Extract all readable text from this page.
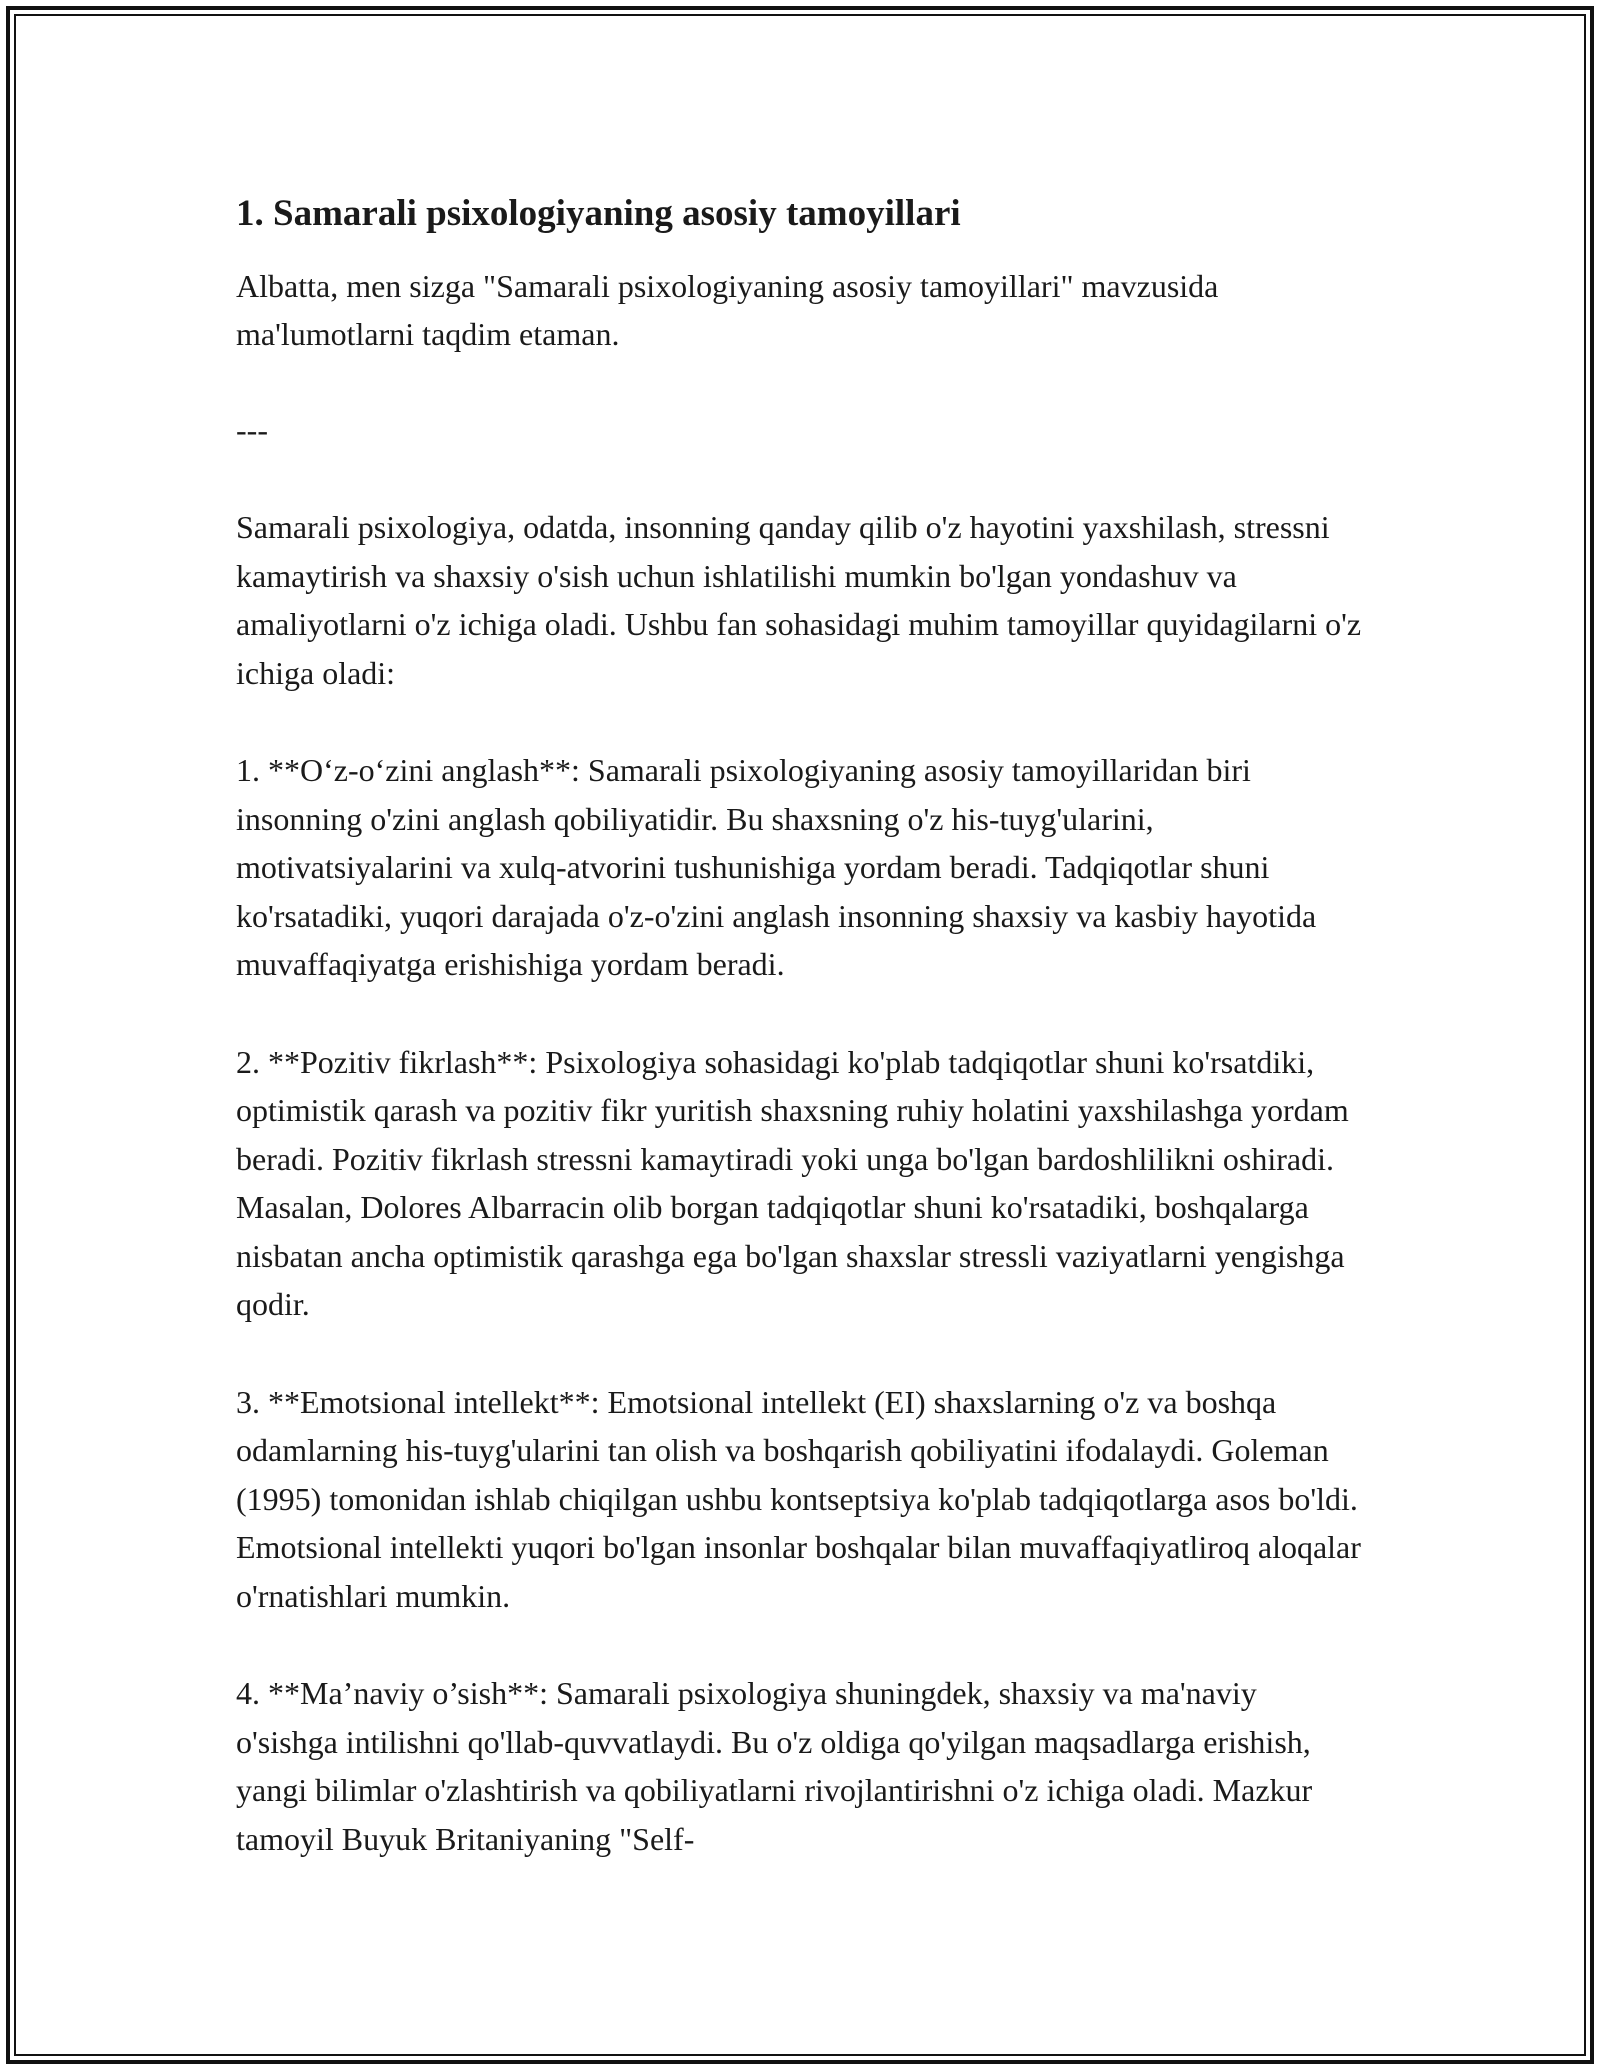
1. Samarali psixologiyaning asosiy tamoyillari

Albatta, men sizga "Samarali psixologiyaning asosiy tamoyillari" mavzusida ma'lumotlarni taqdim etaman.

---

Samarali psixologiya, odatda, insonning qanday qilib o'z hayotini yaxshilash, stressni kamaytirish va shaxsiy o'sish uchun ishlatilishi mumkin bo'lgan yondashuv va amaliyotlarni o'z ichiga oladi. Ushbu fan sohasidagi muhim tamoyillar quyidagilarni o'z ichiga oladi:

1. **O‘z-o‘zini anglash**: Samarali psixologiyaning asosiy tamoyillaridan biri insonning o'zini anglash qobiliyatidir. Bu shaxsning o'z his-tuyg'ularini, motivatsiyalarini va xulq-atvorini tushunishiga yordam beradi. Tadqiqotlar shuni ko'rsatadiki, yuqori darajada o'z-o'zini anglash insonning shaxsiy va kasbiy hayotida muvaffaqiyatga erishishiga yordam beradi.

2. **Pozitiv fikrlash**: Psixologiya sohasidagi ko'plab tadqiqotlar shuni ko'rsatdiki, optimistik qarash va pozitiv fikr yuritish shaxsning ruhiy holatini yaxshilashga yordam beradi. Pozitiv fikrlash stressni kamaytiradi yoki unga bo'lgan bardoshlilikni oshiradi. Masalan, Dolores Albarracin olib borgan tadqiqotlar shuni ko'rsatadiki, boshqalarga nisbatan ancha optimistik qarashga ega bo'lgan shaxslar stressli vaziyatlarni yengishga qodir.

3. **Emotsional intellekt**: Emotsional intellekt (EI) shaxslarning o'z va boshqa odamlarning his-tuyg'ularini tan olish va boshqarish qobiliyatini ifodalaydi. Goleman (1995) tomonidan ishlab chiqilgan ushbu kontseptsiya ko'plab tadqiqotlarga asos bo'ldi. Emotsional intellekti yuqori bo'lgan insonlar boshqalar bilan muvaffaqiyatliroq aloqalar o'rnatishlari mumkin.

4. **Ma’naviy o’sish**: Samarali psixologiya shuningdek, shaxsiy va ma'naviy o'sishga intilishni qo'llab-quvvatlaydi. Bu o'z oldiga qo'yilgan maqsadlarga erishish, yangi bilimlar o'zlashtirish va qobiliyatlarni rivojlantirishni o'z ichiga oladi. Mazkur tamoyil Buyuk Britaniyaning "Self-
